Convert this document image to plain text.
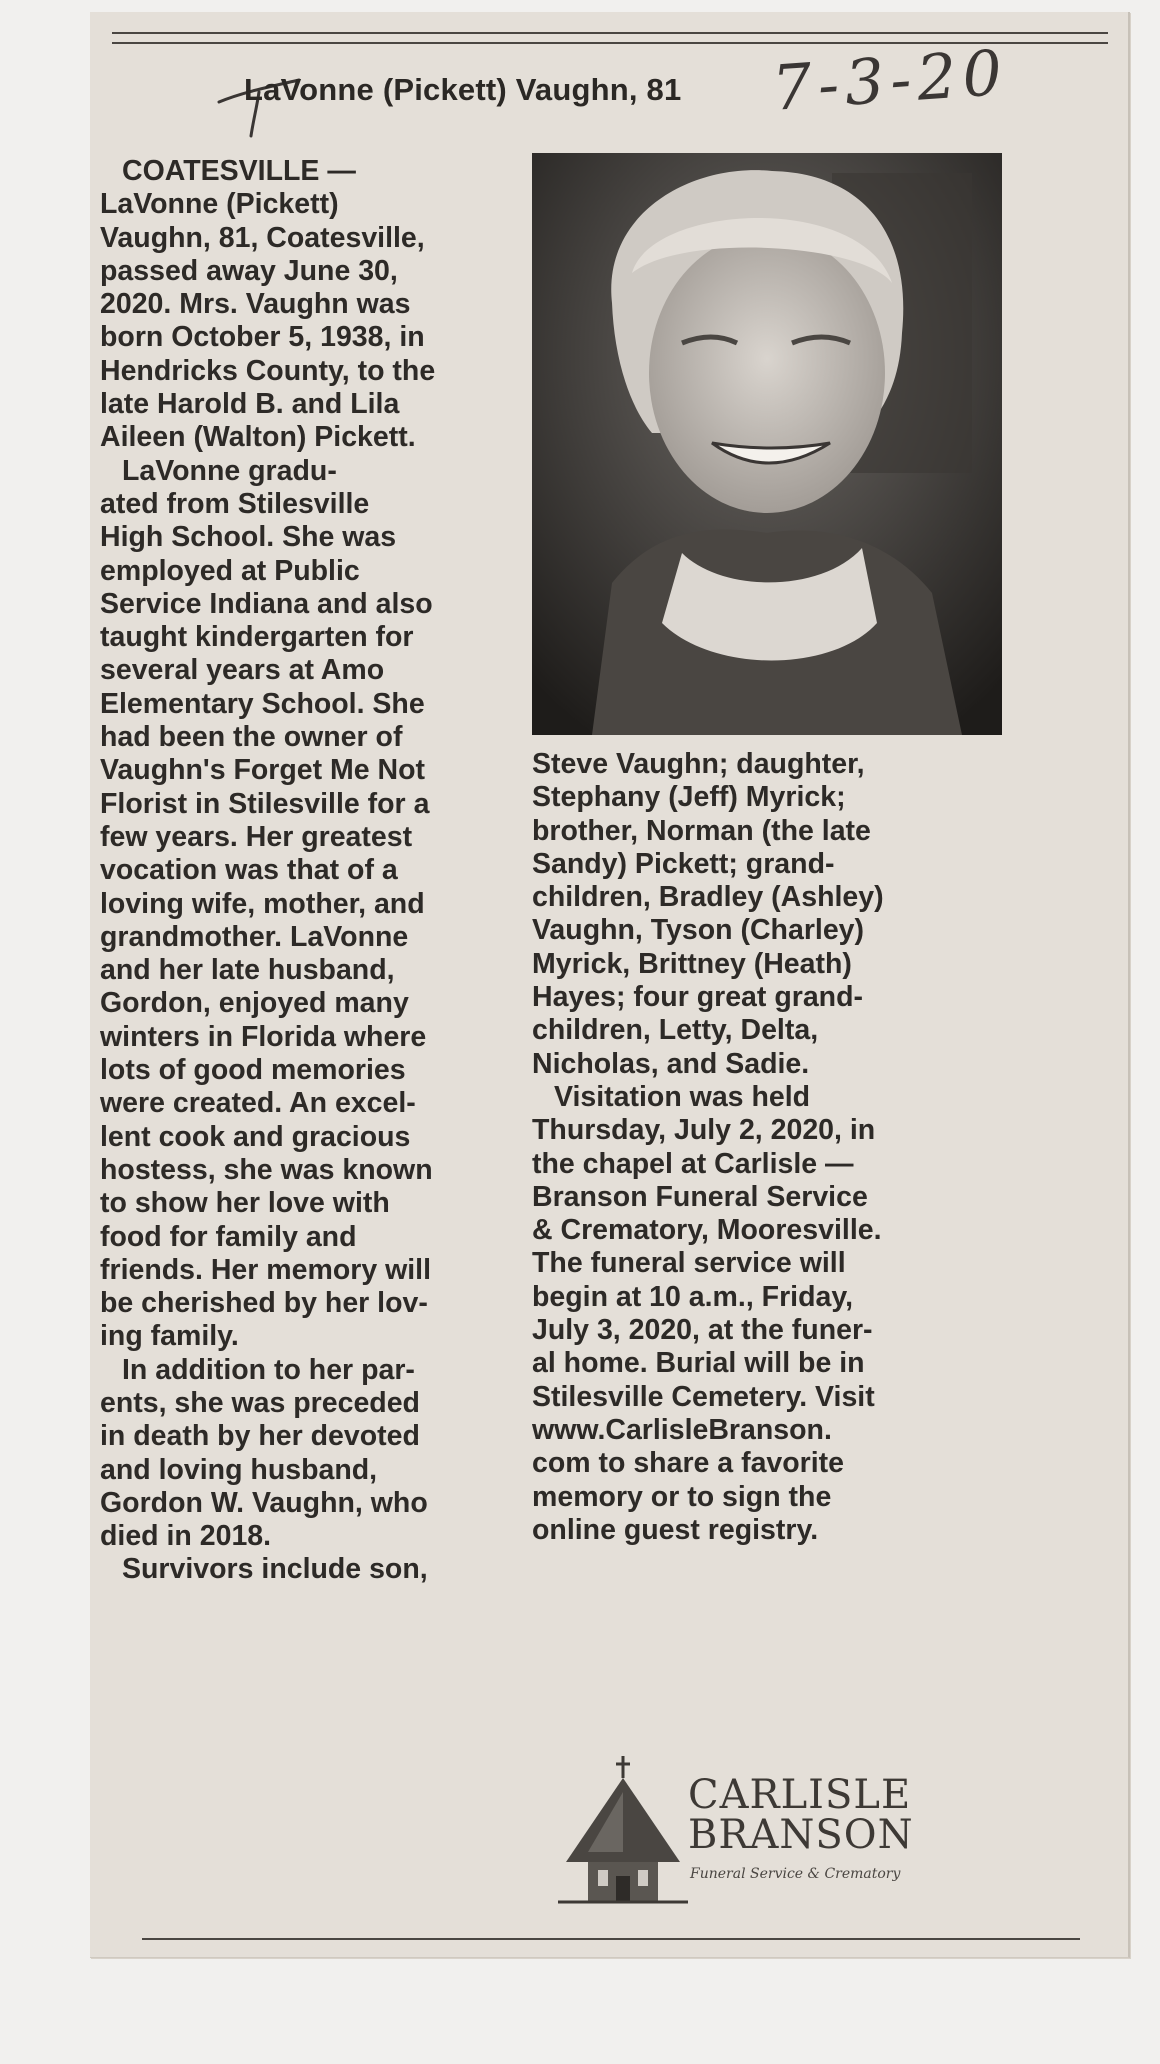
LaVonne (Pickett) Vaughn, 81 7-3-20
COATESVILLE —
LaVonne (Pickett)
Vaughn, 81, Coatesville,
passed away June 30,
2020. Mrs. Vaughn was
born October 5, 1938, in
Hendricks County, to the
late Harold B. and Lila
Aileen (Walton) Pickett.
LaVonne gradu-
ated from Stilesville
High School. She was
employed at Public
Service Indiana and also
taught kindergarten for
several years at Amo
Elementary School. She
had been the owner of
Vaughn's Forget Me Not
Florist in Stilesville for a
few years. Her greatest
vocation was that of a
loving wife, mother, and
grandmother. LaVonne
and her late husband,
Gordon, enjoyed many
winters in Florida where
lots of good memories
were created. An excel-
lent cook and gracious
hostess, she was known
to show her love with
food for family and
friends. Her memory will
be cherished by her lov-
ing family.
In addition to her par-
ents, she was preceded
in death by her devoted
and loving husband,
Gordon W. Vaughn, who
died in 2018.
Survivors include son,
Steve Vaughn; daughter,
Stephany (Jeff) Myrick;
brother, Norman (the late
Sandy) Pickett; grand-
children, Bradley (Ashley)
Vaughn, Tyson (Charley)
Myrick, Brittney (Heath)
Hayes; four great grand-
children, Letty, Delta,
Nicholas, and Sadie.
Visitation was held
Thursday, July 2, 2020, in
the chapel at Carlisle —
Branson Funeral Service
& Crematory, Mooresville.
The funeral service will
begin at 10 a.m., Friday,
July 3, 2020, at the funer-
al home. Burial will be in
Stilesville Cemetery. Visit
www.CarlisleBranson.
com to share a favorite
memory or to sign the
online guest registry.
CARLISLE
BRANSON
Funeral Service & Crematory
